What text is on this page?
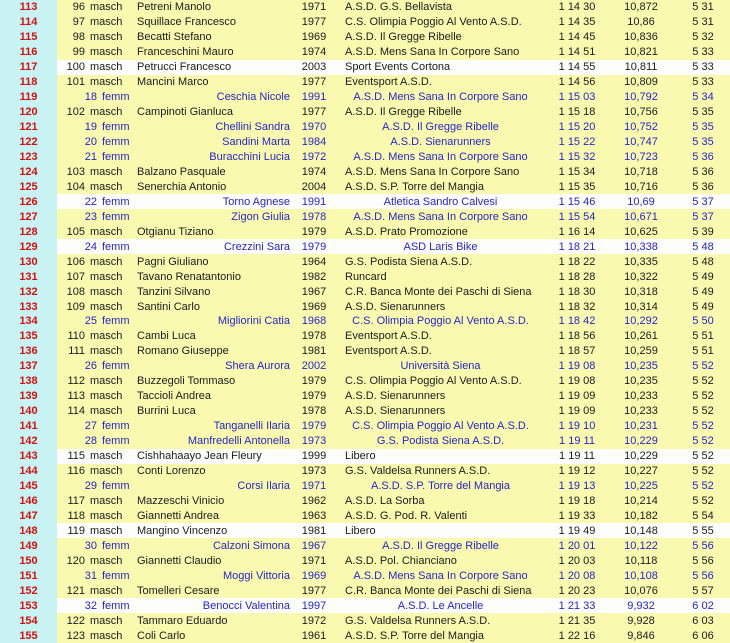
113	96 masch	Petreni Manolo	1971	A.S.D. G.S. Bellavista	1 14 30	10,872	5 31
114	97 masch	Squillace Francesco	1977	C.S. Olimpia Poggio Al Vento A.S.D.	1 14 35	10,86	5 31
115	98 masch	Becatti Stefano	1969	A.S.D. Il Gregge Ribelle	1 14 45	10,836	5 32
116	99 masch	Franceschini Mauro	1974	A.S.D. Mens Sana In Corpore Sano	1 14 51	10,821	5 33
117	100 masch	Petrucci Francesco	2003	Sport Events Cortona	1 14 55	10,811	5 33
118	101 masch	Mancini Marco	1977	Eventsport A.S.D.	1 14 56	10,809	5 33
119	18 femm	Ceschia Nicole	1991	A.S.D. Mens Sana In Corpore Sano	1 15 03	10,792	5 34
120	102 masch	Campinoti Gianluca	1977	A.S.D. Il Gregge Ribelle	1 15 18	10,756	5 35
121	19 femm	Chellini Sandra	1970	A.S.D. Il Gregge Ribelle	1 15 20	10,752	5 35
122	20 femm	Sandini Marta	1984	A.S.D. Sienarunners	1 15 22	10,747	5 35
123	21 femm	Buracchini Lucia	1972	A.S.D. Mens Sana In Corpore Sano	1 15 32	10,723	5 36
124	103 masch	Balzano Pasquale	1974	A.S.D. Mens Sana In Corpore Sano	1 15 34	10,718	5 36
125	104 masch	Senerchia Antonio	2004	A.S.D. S.P. Torre del Mangia	1 15 35	10,716	5 36
126	22 femm	Torno Agnese	1991	Atletica Sandro Calvesi	1 15 46	10,69	5 37
127	23 femm	Zigon Giulia	1978	A.S.D. Mens Sana In Corpore Sano	1 15 54	10,671	5 37
128	105 masch	Otgianu Tiziano	1979	A.S.D. Prato Promozione	1 16 14	10,625	5 39
129	24 femm	Crezzini Sara	1979	ASD Laris Bike	1 18 21	10,338	5 48
130	106 masch	Pagni Giuliano	1964	G.S. Podista Siena A.S.D.	1 18 22	10,335	5 48
131	107 masch	Tavano Renatantonio	1982	Runcard	1 18 28	10,322	5 49
132	108 masch	Tanzini Silvano	1967	C.R. Banca Monte dei Paschi di Siena	1 18 30	10,318	5 49
133	109 masch	Santini Carlo	1969	A.S.D. Sienarunners	1 18 32	10,314	5 49
134	25 femm	Migliorini Catia	1968	C.S. Olimpia Poggio Al Vento A.S.D.	1 18 42	10,292	5 50
135	110 masch	Cambi Luca	1978	Eventsport A.S.D.	1 18 56	10,261	5 51
136	111 masch	Romano Giuseppe	1981	Eventsport A.S.D.	1 18 57	10,259	5 51
137	26 femm	Shera Aurora	2002	Università Siena	1 19 08	10,235	5 52
138	112 masch	Buzzegoli Tommaso	1979	C.S. Olimpia Poggio Al Vento A.S.D.	1 19 08	10,235	5 52
139	113 masch	Taccioli Andrea	1979	A.S.D. Sienarunners	1 19 09	10,233	5 52
140	114 masch	Burrini Luca	1978	A.S.D. Sienarunners	1 19 09	10,233	5 52
141	27 femm	Tanganelli Ilaria	1979	C.S. Olimpia Poggio Al Vento A.S.D.	1 19 10	10,231	5 52
142	28 femm	Manfredelli Antonella	1973	G.S. Podista Siena A.S.D.	1 19 11	10,229	5 52
143	115 masch	Cishhahaayo Jean Fleury	1999	Libero	1 19 11	10,229	5 52
144	116 masch	Conti Lorenzo	1973	G.S. Valdelsa Runners A.S.D.	1 19 12	10,227	5 52
145	29 femm	Corsi Ilaria	1971	A.S.D. S.P. Torre del Mangia	1 19 13	10,225	5 52
146	117 masch	Mazzeschi Vinicio	1962	A.S.D. La Sorba	1 19 18	10,214	5 52
147	118 masch	Giannetti Andrea	1963	A.S.D. G. Pod. R. Valenti	1 19 33	10,182	5 54
148	119 masch	Mangino Vincenzo	1981	Libero	1 19 49	10,148	5 55
149	30 femm	Calzoni Simona	1967	A.S.D. Il Gregge Ribelle	1 20 01	10,122	5 56
150	120 masch	Giannetti Claudio	1971	A.S.D. Pol. Chianciano	1 20 03	10,118	5 56
151	31 femm	Moggi Vittoria	1969	A.S.D. Mens Sana In Corpore Sano	1 20 08	10,108	5 56
152	121 masch	Tomelleri Cesare	1977	C.R. Banca Monte dei Paschi di Siena	1 20 23	10,076	5 57
153	32 femm	Benocci Valentina	1997	A.S.D. Le Ancelle	1 21 33	9,932	6 02
154	122 masch	Tammaro Eduardo	1972	G.S. Valdelsa Runners A.S.D.	1 21 35	9,928	6 03
155	123 masch	Coli Carlo	1961	A.S.D. S.P. Torre del Mangia	1 22 16	9,846	6 06
